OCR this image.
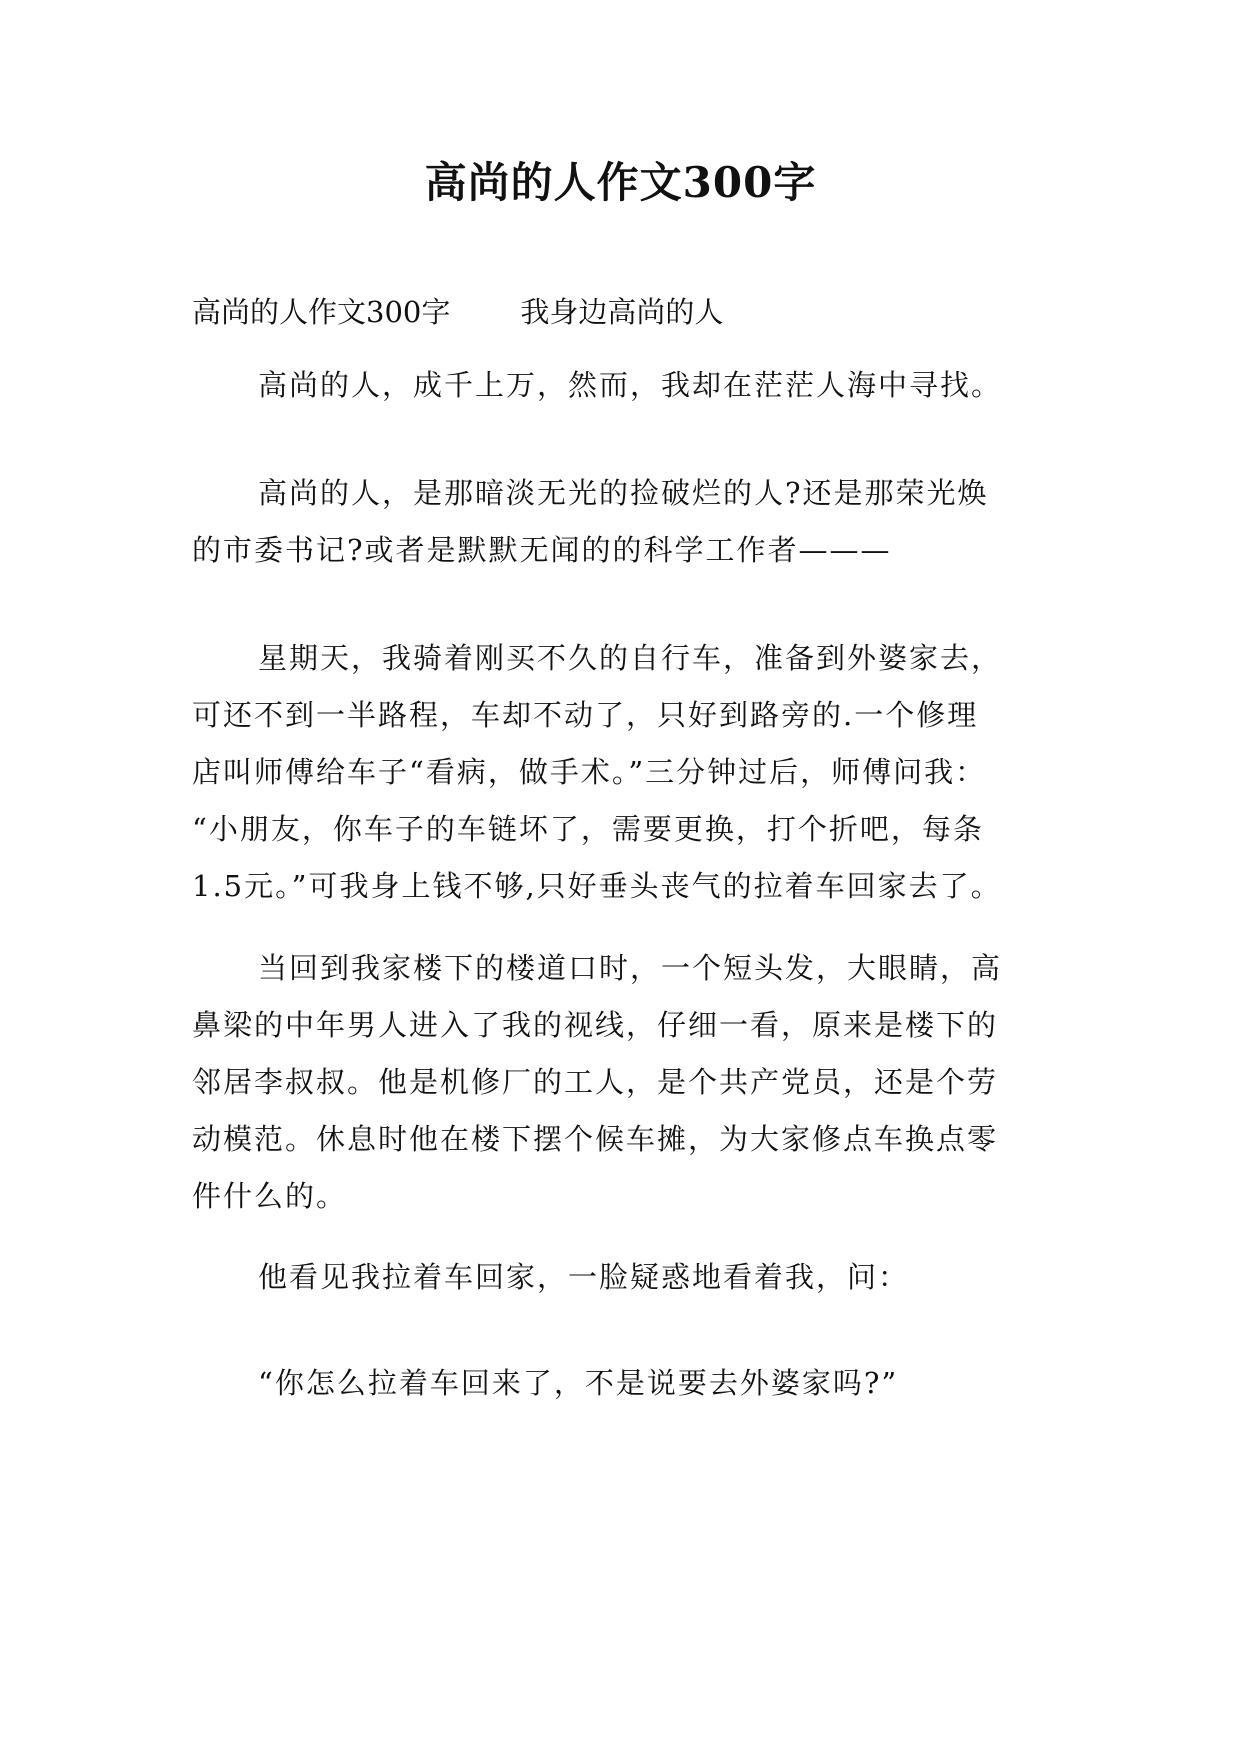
高尚的人作文300字
高尚的人作文300字 我身边高尚的人
高尚的人，成千上万，然而，我却在茫茫人海中寻找。
高尚的人，是那暗淡无光的捡破烂的人?还是那荣光焕
的市委书记?或者是默默无闻的的科学工作者———
星期天，我骑着刚买不久的自行车，准备到外婆家去，
可还不到一半路程，车却不动了，只好到路旁的.一个修理
店叫师傅给车子“看病，做手术。”三分钟过后，师傅问我：
“小朋友，你车子的车链坏了，需要更换，打个折吧，每条
1.5元。”可我身上钱不够,只好垂头丧气的拉着车回家去了。
当回到我家楼下的楼道口时，一个短头发，大眼睛，高
鼻梁的中年男人进入了我的视线，仔细一看，原来是楼下的
邻居李叔叔。他是机修厂的工人，是个共产党员，还是个劳
动模范。休息时他在楼下摆个候车摊，为大家修点车换点零
件什么的。
他看见我拉着车回家，一脸疑惑地看着我，问：
“你怎么拉着车回来了，不是说要去外婆家吗?”
